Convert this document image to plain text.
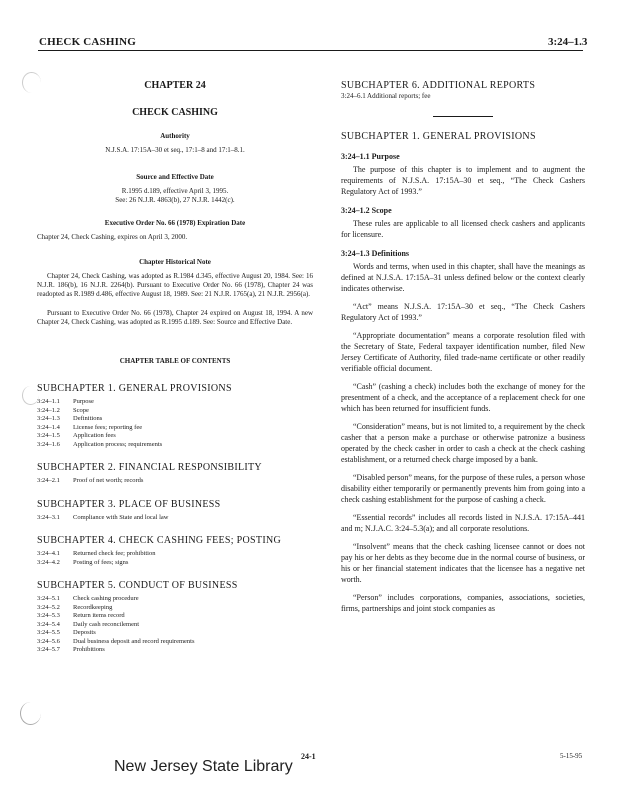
CHECK CASHING	3:24–1.3
CHAPTER 24
CHECK CASHING
Authority
N.J.S.A. 17:15A–30 et seq., 17:1–8 and 17:1–8.1.
Source and Effective Date
R.1995 d.189, effective April 3, 1995.
See: 26 N.J.R. 4863(b), 27 N.J.R. 1442(c).
Executive Order No. 66 (1978) Expiration Date
Chapter 24, Check Cashing, expires on April 3, 2000.
Chapter Historical Note
Chapter 24, Check Cashing, was adopted as R.1984 d.345, effective August 20, 1984. See: 16 N.J.R. 186(b), 16 N.J.R. 2264(b). Pursuant to Executive Order No. 66 (1978), Chapter 24 was readopted as R.1989 d.486, effective August 18, 1989. See: 21 N.J.R. 1765(a), 21 N.J.R. 2956(a).
Pursuant to Executive Order No. 66 (1978), Chapter 24 expired on August 18, 1994. A new Chapter 24, Check Cashing, was adopted as R.1995 d.189. See: Source and Effective Date.
CHAPTER TABLE OF CONTENTS
SUBCHAPTER 1. GENERAL PROVISIONS
3:24–1.1	Purpose
3:24–1.2	Scope
3:24–1.3	Definitions
3:24–1.4	License fees; reporting fee
3:24–1.5	Application fees
3:24–1.6	Application process; requirements
SUBCHAPTER 2. FINANCIAL RESPONSIBILITY
3:24–2.1	Proof of net worth; records
SUBCHAPTER 3. PLACE OF BUSINESS
3:24–3.1	Compliance with State and local law
SUBCHAPTER 4. CHECK CASHING FEES; POSTING
3:24–4.1	Returned check fee; prohibition
3:24–4.2	Posting of fees; signs
SUBCHAPTER 5. CONDUCT OF BUSINESS
3:24–5.1	Check cashing procedure
3:24–5.2	Recordkeeping
3:24–5.3	Return items record
3:24–5.4	Daily cash reconcilement
3:24–5.5	Deposits
3:24–5.6	Dual business deposit and record requirements
3:24–5.7	Prohibitions
SUBCHAPTER 6. ADDITIONAL REPORTS
3:24–6.1 Additional reports; fee
SUBCHAPTER 1. GENERAL PROVISIONS
3:24–1.1 Purpose

The purpose of this chapter is to implement and to augment the requirements of N.J.S.A. 17:15A–30 et seq., “The Check Cashers Regulatory Act of 1993.”

3:24–1.2 Scope

These rules are applicable to all licensed check cashers and applicants for licensure.

3:24–1.3 Definitions

Words and terms, when used in this chapter, shall have the meanings as defined at N.J.S.A. 17:15A–31 unless defined below or the context clearly indicates otherwise.

“Act” means N.J.S.A. 17:15A–30 et seq., “The Check Cashers Regulatory Act of 1993.”

“Appropriate documentation” means a corporate resolution filed with the Secretary of State, Federal taxpayer identification number, filed New Jersey Certificate of Authority, filed trade-name certificate or other readily verifiable official document.

“Cash” (cashing a check) includes both the exchange of money for the presentment of a check, and the acceptance of a replacement check for one which has been returned for insufficient funds.

“Consideration” means, but is not limited to, a requirement by the check casher that a person make a purchase or otherwise patronize a business operated by the check casher in order to cash a check at the check cashing establishment, or a returned check charge imposed by a bank.

“Disabled person” means, for the purpose of these rules, a person whose disability either temporarily or permanently prevents him from going into a check cashing establishment for the purpose of cashing a check.

“Essential records” includes all records listed in N.J.S.A. 17:15A–441 and m; N.J.A.C. 3:24–5.3(a); and all corporate resolutions.

“Insolvent” means that the check cashing licensee cannot or does not pay his or her debts as they become due in the normal course of business, or his or her financial statement indicates that the licensee has a negative net worth.

“Person” includes corporations, companies, associations, societies, firms, partnerships and joint stock companies as

New Jersey State Library
24-1	5-15-95
